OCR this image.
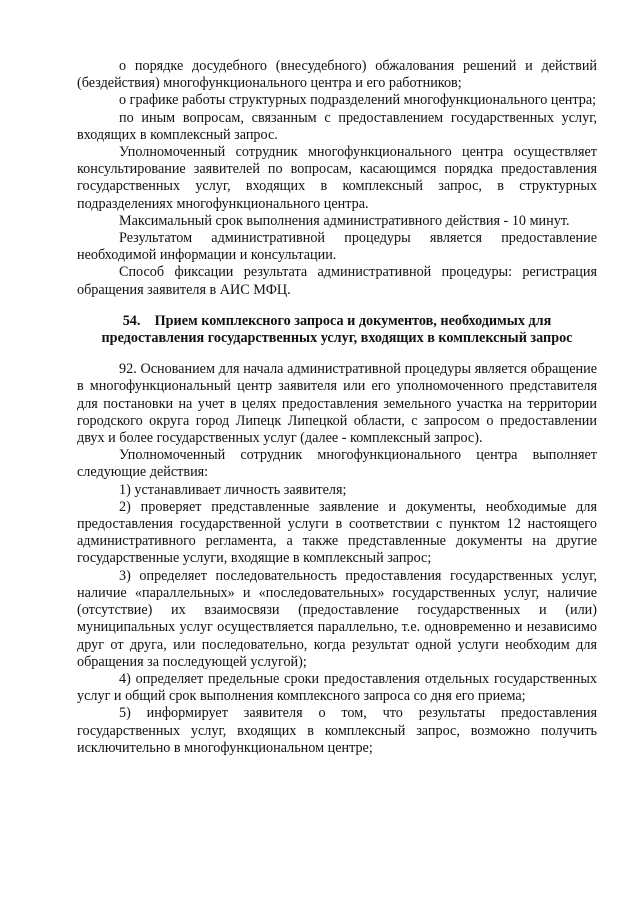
о порядке досудебного (внесудебного) обжалования решений и действий (бездействия) многофункционального центра и его работников;

о графике работы структурных подразделений многофункционального центра;

по иным вопросам, связанным с предоставлением государственных услуг, входящих в комплексный запрос.

Уполномоченный сотрудник многофункционального центра осуществляет консультирование заявителей по вопросам, касающимся порядка предоставления государственных услуг, входящих в комплексный запрос, в структурных подразделениях многофункционального центра.

Максимальный срок выполнения административного действия - 10 минут.

Результатом административной процедуры является предоставление необходимой информации и консультации.

Способ фиксации результата административной процедуры: регистрация обращения заявителя в АИС МФЦ.

54. Прием комплексного запроса и документов, необходимых для предоставления государственных услуг, входящих в комплексный запрос

92. Основанием для начала административной процедуры является обращение в многофункциональный центр заявителя или его уполномоченного представителя для постановки на учет в целях предоставления земельного участка на территории городского округа город Липецк Липецкой области, с запросом о предоставлении двух и более государственных услуг (далее - комплексный запрос).

Уполномоченный сотрудник многофункционального центра выполняет следующие действия:

1) устанавливает личность заявителя;

2) проверяет представленные заявление и документы, необходимые для предоставления государственной услуги в соответствии с пунктом 12 настоящего административного регламента, а также представленные документы на другие государственные услуги, входящие в комплексный запрос;

3) определяет последовательность предоставления государственных услуг, наличие «параллельных» и «последовательных» государственных услуг, наличие (отсутствие) их взаимосвязи (предоставление государственных и (или) муниципальных услуг осуществляется параллельно, т.е. одновременно и независимо друг от друга, или последовательно, когда результат одной услуги необходим для обращения за последующей услугой);

4) определяет предельные сроки предоставления отдельных государственных услуг и общий срок выполнения комплексного запроса со дня его приема;

5) информирует заявителя о том, что результаты предоставления государственных услуг, входящих в комплексный запрос, возможно получить исключительно в многофункциональном центре;
